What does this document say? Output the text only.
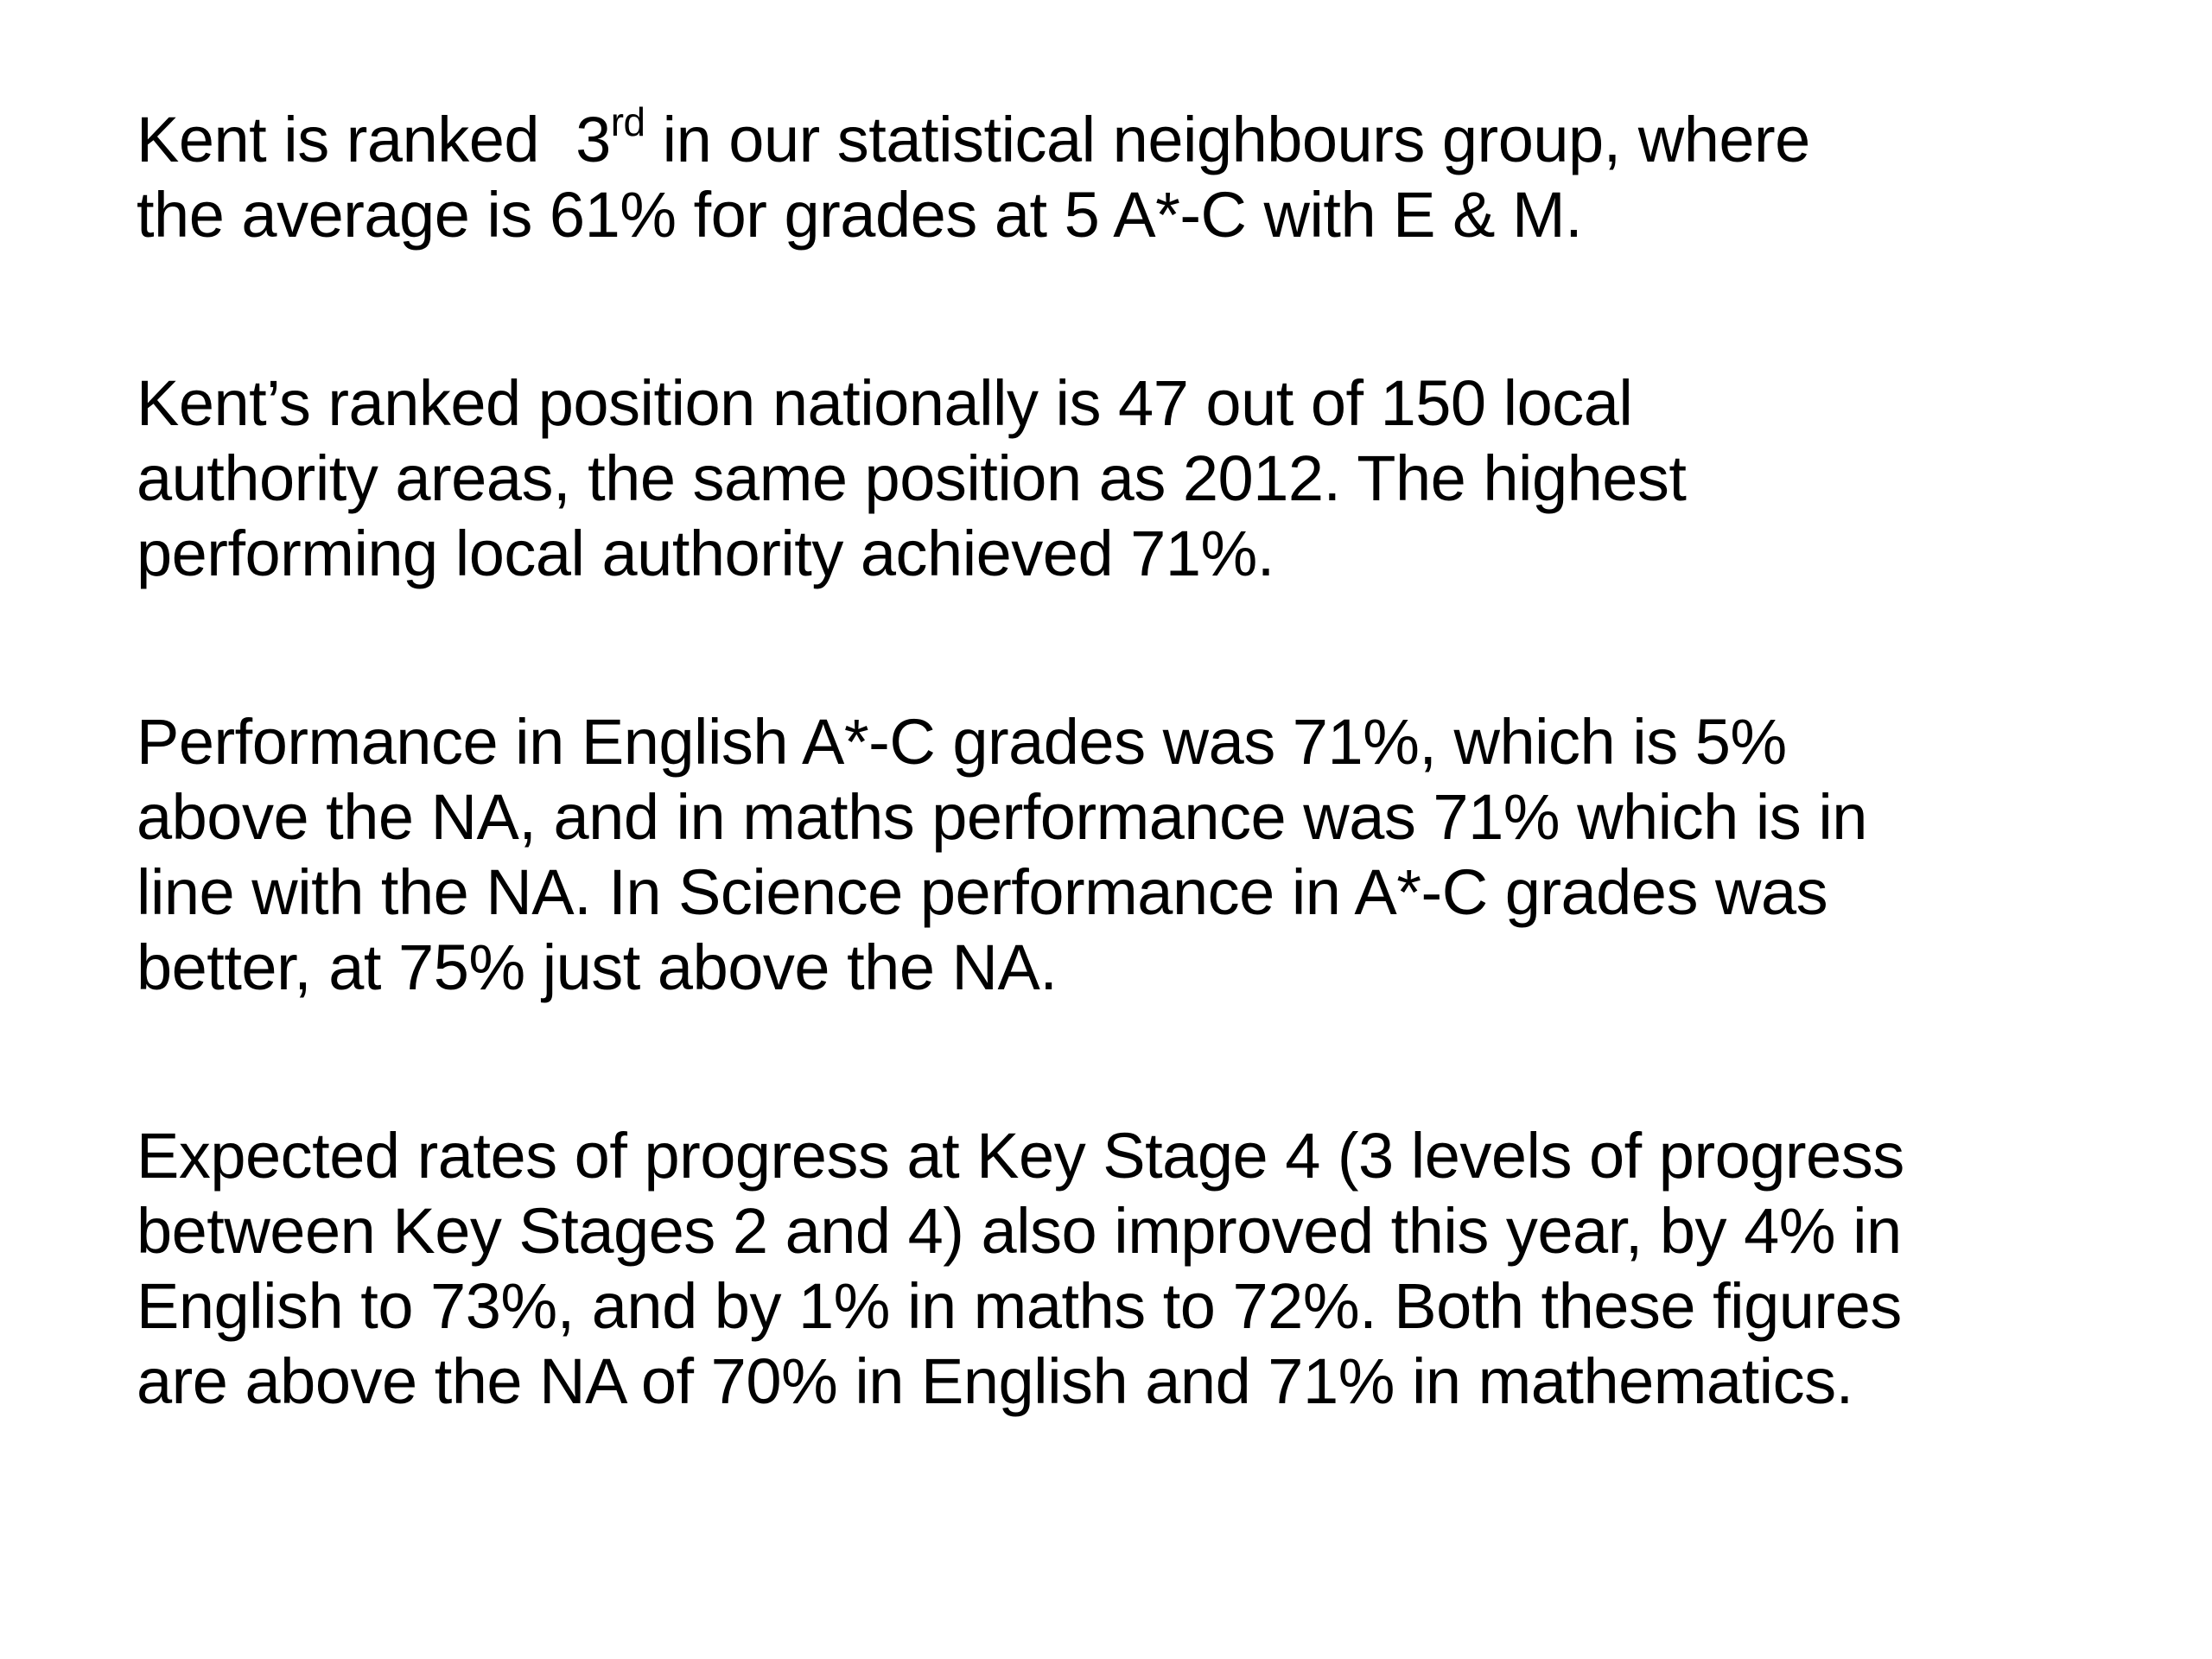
Kent is ranked 3rd in our statistical neighbours group, where
the average is 61% for grades at 5 A*-C with E & M.

Kent’s ranked position nationally is 47 out of 150 local
authority areas, the same position as 2012. The highest
performing local authority achieved 71%.

Performance in English A*-C grades was 71%, which is 5%
above the NA, and in maths performance was 71% which is in
line with the NA. In Science performance in A*-C grades was
better, at 75% just above the NA.

Expected rates of progress at Key Stage 4 (3 levels of progress
between Key Stages 2 and 4) also improved this year, by 4% in
English to 73%, and by 1% in maths to 72%. Both these figures
are above the NA of 70% in English and 71% in mathematics.
